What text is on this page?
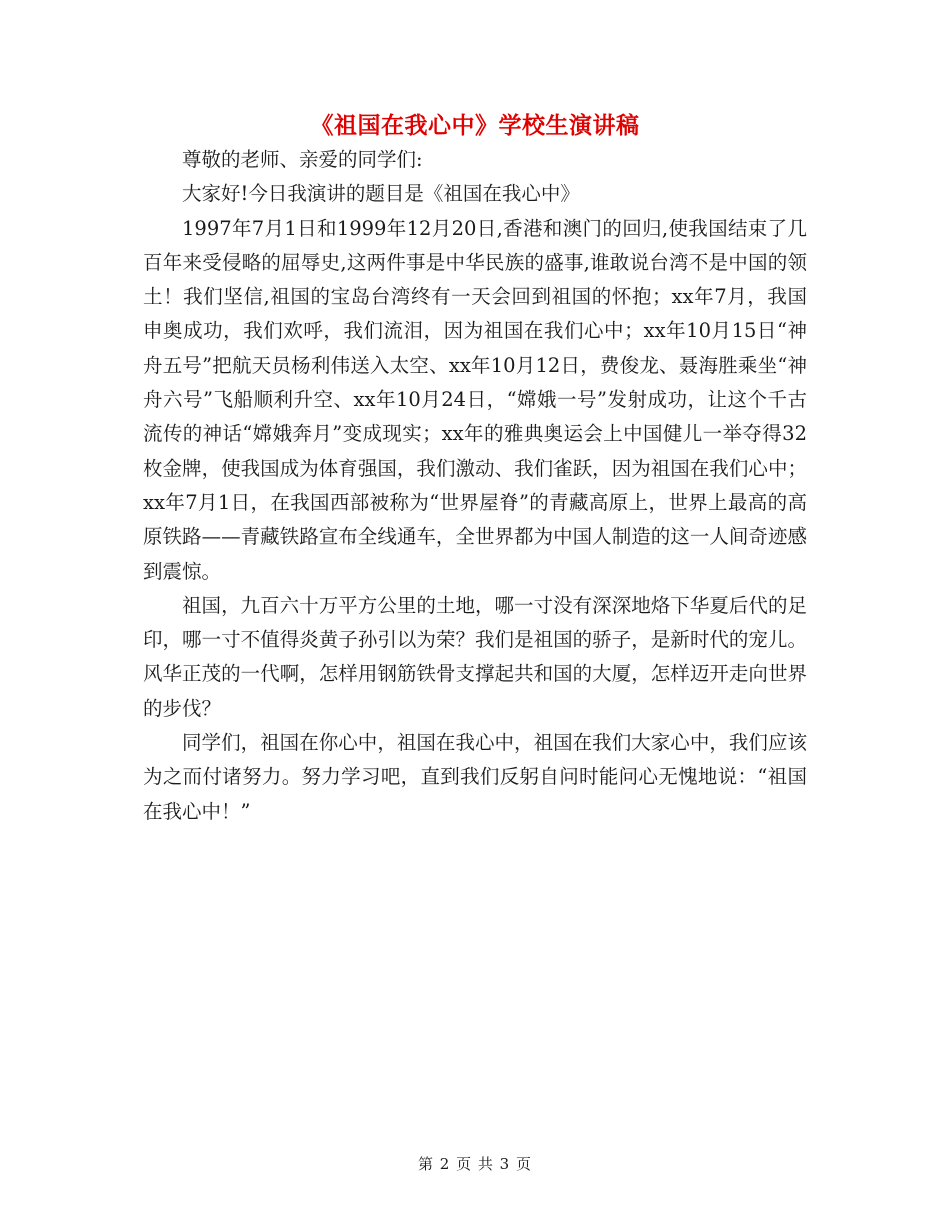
《祖国在我心中》学校生演讲稿

尊敬的老师、亲爱的同学们:

大家好!今日我演讲的题目是《祖国在我心中》

1997年7月1日和1999年12月20日,香港和澳门的回归,使我国结束了几百年来受侵略的屈辱史,这两件事是中华民族的盛事,谁敢说台湾不是中国的领土！我们坚信,祖国的宝岛台湾终有一天会回到祖国的怀抱；xx年7月，我国申奥成功，我们欢呼，我们流泪，因为祖国在我们心中；xx年10月15日“神舟五号”把航天员杨利伟送入太空、xx年10月12日，费俊龙、聂海胜乘坐“神舟六号”飞船顺利升空、xx年10月24日，“嫦娥一号”发射成功，让这个千古流传的神话“嫦娥奔月”变成现实；xx年的雅典奥运会上中国健儿一举夺得32枚金牌，使我国成为体育强国，我们激动、我们雀跃，因为祖国在我们心中；xx年7月1日，在我国西部被称为“世界屋脊”的青藏高原上，世界上最高的高原铁路——青藏铁路宣布全线通车，全世界都为中国人制造的这一人间奇迹感到震惊。

祖国，九百六十万平方公里的土地，哪一寸没有深深地烙下华夏后代的足印，哪一寸不值得炎黄子孙引以为荣？我们是祖国的骄子，是新时代的宠儿。风华正茂的一代啊，怎样用钢筋铁骨支撑起共和国的大厦，怎样迈开走向世界的步伐？

同学们，祖国在你心中，祖国在我心中，祖国在我们大家心中，我们应该为之而付诸努力。努力学习吧，直到我们反躬自问时能问心无愧地说：“祖国在我心中！”

第 2 页 共 3 页
